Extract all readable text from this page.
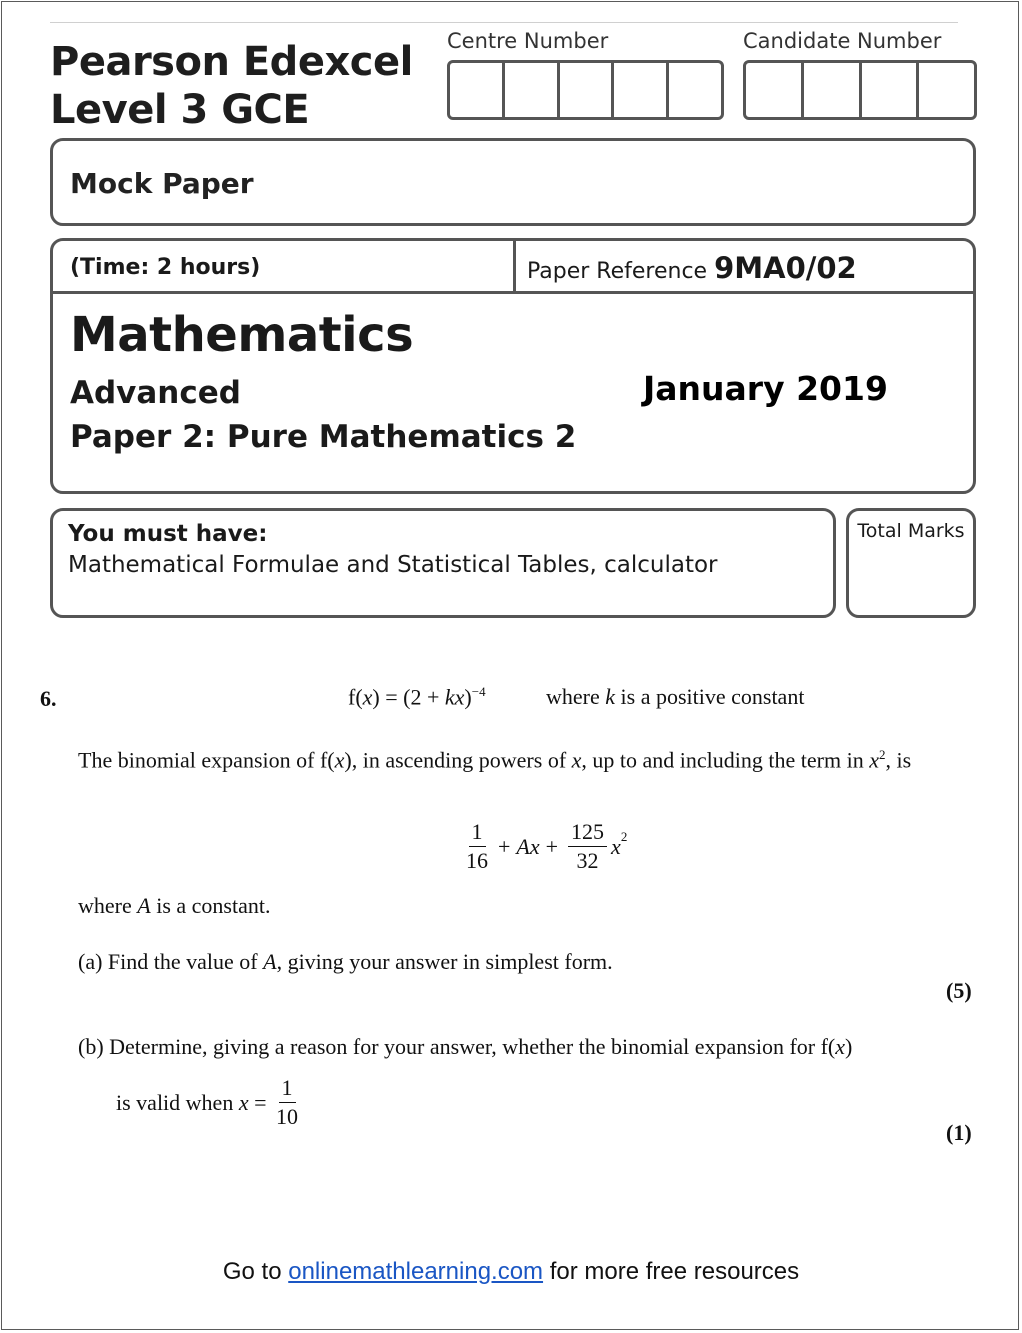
Pearson Edexcel
Level 3 GCE
Centre Number	Candidate Number
Mock Paper
(Time: 2 hours)	Paper Reference 9MA0/02
Mathematics
Advanced
Paper 2: Pure Mathematics 2
January 2019
You must have:
Mathematical Formulae and Statistical Tables, calculator
Total Marks
6.	f(x) = (2 + kx)$^{-4}$	where k is a positive constant
The binomial expansion of f(x), in ascending powers of x, up to and including the term in $x^2$, is
$\frac{1}{16} + Ax + \frac{125}{32} x^2$
where A is a constant.
(a) Find the value of A, giving your answer in simplest form.
(5)
(b) Determine, giving a reason for your answer, whether the binomial expansion for f(x)
is valid when
$x = \frac{1}{10}$
(1)
Go to onlinemathlearning.com for more free resources
